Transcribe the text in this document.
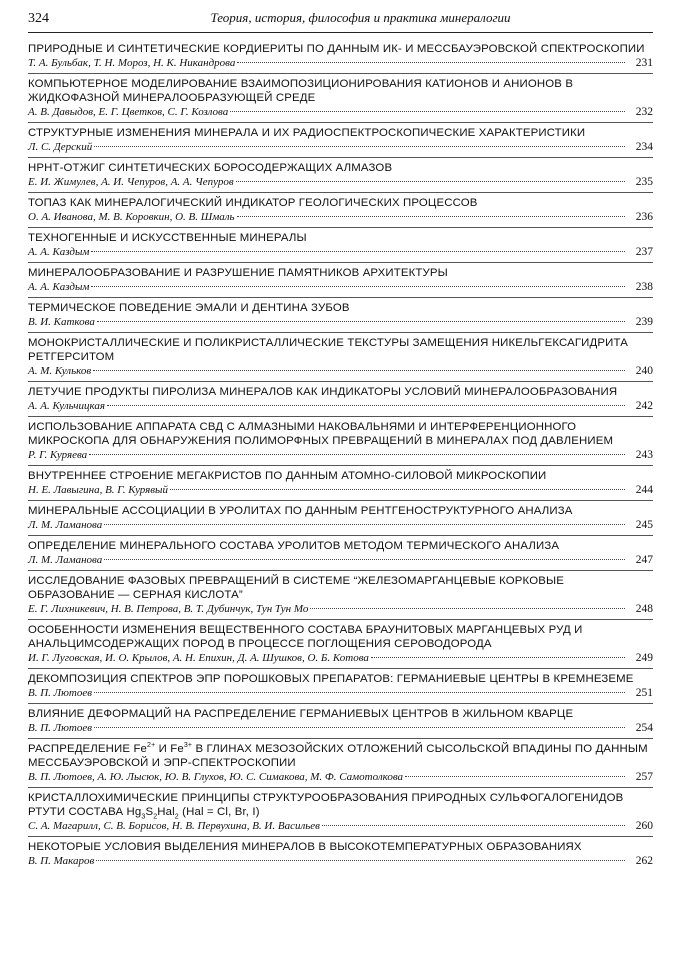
324	Теория, история, философия и практика минералогии
ПРИРОДНЫЕ И СИНТЕТИЧЕСКИЕ КОРДИЕРИТЫ ПО ДАННЫМ ИК- И МЕССБАУЭРОВСКОЙ СПЕКТРОСКОПИИ
Т. А. Бульбак, Т. Н. Мороз, Н. К. Никандрова	231
КОМПЬЮТЕРНОЕ МОДЕЛИРОВАНИЕ ВЗАИМОПОЗИЦИОНИРОВАНИЯ КАТИОНОВ И АНИОНОВ В ЖИДКОФАЗНОЙ МИНЕРАЛООБРАЗУЮЩЕЙ СРЕДЕ
А. В. Давыдов, Е. Г. Цветков, С. Г. Козлова	232
СТРУКТУРНЫЕ ИЗМЕНЕНИЯ МИНЕРАЛА И ИХ РАДИОСПЕКТРОСКОПИЧЕСКИЕ ХАРАКТЕРИСТИКИ
Л. С. Дерский	234
НРНТ-ОТЖИГ СИНТЕТИЧЕСКИХ БОРОСОДЕРЖАЩИХ АЛМАЗОВ
Е. И. Жимулев, А. И. Чепуров, А. А. Чепуров	235
ТОПАЗ КАК МИНЕРАЛОГИЧЕСКИЙ ИНДИКАТОР ГЕОЛОГИЧЕСКИХ ПРОЦЕССОВ
О. А. Иванова, М. В. Коровкин, О. В. Шмаль	236
ТЕХНОГЕННЫЕ И ИСКУССТВЕННЫЕ МИНЕРАЛЫ
А. А. Каздым	237
МИНЕРАЛООБРАЗОВАНИЕ И РАЗРУШЕНИЕ ПАМЯТНИКОВ АРХИТЕКТУРЫ
А. А. Каздым	238
ТЕРМИЧЕСКОЕ ПОВЕДЕНИЕ ЭМАЛИ И ДЕНТИНА ЗУБОВ
В. И. Каткова	239
МОНОКРИСТАЛЛИЧЕСКИЕ И ПОЛИКРИСТАЛЛИЧЕСКИЕ ТЕКСТУРЫ ЗАМЕЩЕНИЯ НИКЕЛЬГЕКСАГИДРИТА РЕТГЕРСИТОМ
А. М. Кульков	240
ЛЕТУЧИЕ ПРОДУКТЫ ПИРОЛИЗА МИНЕРАЛОВ КАК ИНДИКАТОРЫ УСЛОВИЙ МИНЕРАЛООБРАЗОВАНИЯ
А. А. Кульчицкая	242
ИСПОЛЬЗОВАНИЕ АППАРАТА СВД С АЛМАЗНЫМИ НАКОВАЛЬНЯМИ И ИНТЕРФЕРЕНЦИОННОГО МИКРОСКОПА ДЛЯ ОБНАРУЖЕНИЯ ПОЛИМОРФНЫХ ПРЕВРАЩЕНИЙ В МИНЕРАЛАХ ПОД ДАВЛЕНИЕМ
Р. Г. Куряева	243
ВНУТРЕННЕЕ СТРОЕНИЕ МЕГАКРИСТОВ ПО ДАННЫМ АТОМНО-СИЛОВОЙ МИКРОСКОПИИ
Н. Е. Лавыгина, В. Г. Курявый	244
МИНЕРАЛЬНЫЕ АССОЦИАЦИИ В УРОЛИТАХ ПО ДАННЫМ РЕНТГЕНОСТРУКТУРНОГО АНАЛИЗА
Л. М. Ламанова	245
ОПРЕДЕЛЕНИЕ МИНЕРАЛЬНОГО СОСТАВА УРОЛИТОВ МЕТОДОМ ТЕРМИЧЕСКОГО АНАЛИЗА
Л. М. Ламанова	247
ИССЛЕДОВАНИЕ ФАЗОВЫХ ПРЕВРАЩЕНИЙ В СИСТЕМЕ “ЖЕЛЕЗОМАРГАНЦЕВЫЕ КОРКОВЫЕ ОБРАЗОВАНИЕ — СЕРНАЯ КИСЛОТА”
Е. Г. Лихникевич, Н. В. Петрова, В. Т. Дубинчук, Тун Тун Мо	248
ОСОБЕННОСТИ ИЗМЕНЕНИЯ ВЕЩЕСТВЕННОГО СОСТАВА БРАУНИТОВЫХ МАРГАНЦЕВЫХ РУД И АНАЛЬЦИМСОДЕРЖАЩИХ ПОРОД В ПРОЦЕССЕ ПОГЛОЩЕНИЯ СЕРОВОДОРОДА
И. Г. Луговская, И. О. Крылов, А. Н. Епихин, Д. А. Шушков, О. Б. Котова	249
ДЕКОМПОЗИЦИЯ СПЕКТРОВ ЭПР ПОРОШКОВЫХ ПРЕПАРАТОВ: ГЕРМАНИЕВЫЕ ЦЕНТРЫ В КРЕМНЕЗЕМЕ
В. П. Лютоев	251
ВЛИЯНИЕ ДЕФОРМАЦИЙ НА РАСПРЕДЕЛЕНИЕ ГЕРМАНИЕВЫХ ЦЕНТРОВ В ЖИЛЬНОМ КВАРЦЕ
В. П. Лютоев	254
РАСПРЕДЕЛЕНИЕ $Fe^{2+}$ И $Fe^{3+}$ В ГЛИНАХ МЕЗОЗОЙСКИХ ОТЛОЖЕНИЙ СЫСОЛЬСКОЙ ВПАДИНЫ ПО ДАННЫМ МЕССБАУЭРОВСКОЙ И ЭПР-СПЕКТРОСКОПИИ
В. П. Лютоев, А. Ю. Лысюк, Ю. В. Глухов, Ю. С. Симакова, М. Ф. Самотолкова	257
КРИСТАЛЛОХИМИЧЕСКИЕ ПРИНЦИПЫ СТРУКТУРООБРАЗОВАНИЯ ПРИРОДНЫХ СУЛЬФОГАЛОГЕНИДОВ РТУТИ СОСТАВА $Hg_3S_2Hal_2$ (Hal = Cl, Br, I)
С. А. Магарилл, С. В. Борисов, Н. В. Первухина, В. И. Васильев	260
НЕКОТОРЫЕ УСЛОВИЯ ВЫДЕЛЕНИЯ МИНЕРАЛОВ В ВЫСОКОТЕМПЕРАТУРНЫХ ОБРАЗОВАНИЯХ
В. П. Макаров	262
